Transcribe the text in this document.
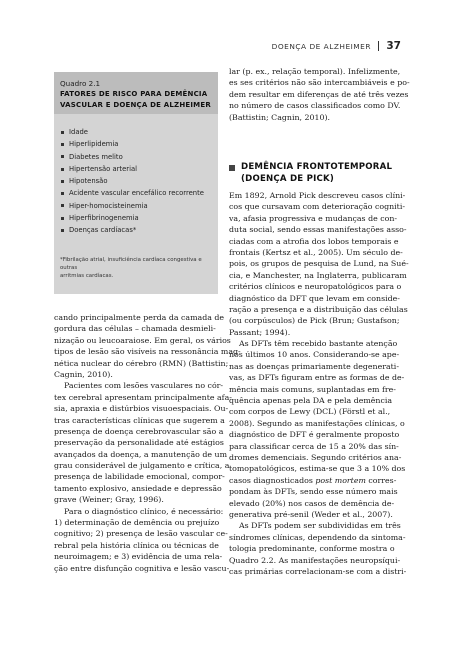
DOENÇA DE ALZHEIMER 37
Quadro 2.1
FATORES DE RISCO PARA DEMÊNCIA
VASCULAR E DOENÇA DE ALZHEIMER
Idade
Hiperlipidemia
Diabetes melito
Hipertensão arterial
Hipotensão
Acidente vascular encefálico recorrente
Hiper-homocisteinemia
Hiperfibrinogenemia
Doenças cardíacas*
*Fibrilação atrial, insuficiência cardíaca congestiva e outras
arritmias cardíacas.
cando principalmente perda da camada de
gordura das células – chamada desmieli-
nização ou leucoaraiose. Em geral, os vários
tipos de lesão são visíveis na ressonância mag-
nética nuclear do cérebro (RMN) (Battistin;
Cagnin, 2010).
Pacientes com lesões vasculares no cór-
tex cerebral apresentam principalmente afa-
sia, apraxia e distúrbios visuoespaciais. Ou-
tras características clínicas que sugerem a
presença de doença cerebrovascular são a
preservação da personalidade até estágios
avançados da doença, a manutenção de um
grau considerável de julgamento e crítica, a
presença de labilidade emocional, compor-
tamento explosivo, ansiedade e depressão
grave (Weiner; Gray, 1996).
Para o diagnóstico clínico, é necessário:
1) determinação de demência ou prejuízo
cognitivo; 2) presença de lesão vascular ce-
rebral pela história clínica ou técnicas de
neuroimagem; e 3) evidência de uma rela-
ção entre disfunção cognitiva e lesão vascu-
lar (p. ex., relação temporal). Infelizmente,
es ses critérios não são intercambiáveis e po-
dem resultar em diferenças de até três vezes
no número de casos classificados como DV.
(Battistin; Cagnin, 2010).
DEMÊNCIA FRONTOTEMPORAL
(DOENÇA DE PICK)
Em 1892, Arnold Pick descreveu casos clíni-
cos que cursavam com deterioração cogniti-
va, afasia progressiva e mudanças de con-
duta social, sendo essas manifestações asso-
ciadas com a atrofia dos lobos temporais e
frontais (Kertsz et al., 2005). Um século de-
pois, os grupos de pesquisa de Lund, na Sué-
cia, e Manchester, na Inglaterra, publicaram
critérios clínicos e neuropatológicos para o
diagnóstico da DFT que levam em conside-
ração a presença e a distribuição das células
(ou corpúsculos) de Pick (Brun; Gustafson;
Passant; 1994).
As DFTs têm recebido bastante atenção
nos últimos 10 anos. Considerando-se ape-
nas as doenças primariamente degenerati-
vas, as DFTs figuram entre as formas de de-
mência mais comuns, suplantadas em fre-
quência apenas pela DA e pela demência
com corpos de Lewy (DCL) (Förstl et al.,
2008). Segundo as manifestações clínicas, o
diagnóstico de DFT é geralmente proposto
para classificar cerca de 15 a 20% das sín-
dromes demenciais. Segundo critérios ana-
tomopatológicos, estima-se que 3 a 10% dos
casos diagnosticados post mortem corres-
pondam às DFTs, sendo esse número mais
elevado (20%) nos casos de demência de-
generativa pré-senil (Weder et al., 2007).
As DFTs podem ser subdivididas em três
síndromes clínicas, dependendo da sintoma-
tologia predominante, conforme mostra o
Quadro 2.2. As manifestações neuropsíqui-
cas primárias correlacionam-se com a distri-
